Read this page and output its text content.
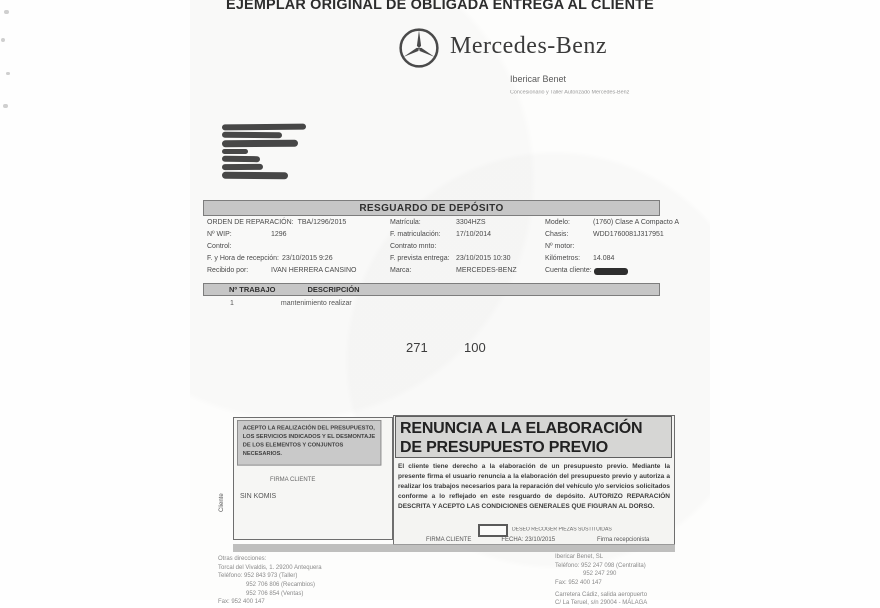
EJEMPLAR ORIGINAL DE OBLIGADA ENTREGA AL CLIENTE
Mercedes-Benz
Ibericar Benet
Concesionario y Taller Autorizado Mercedes-Benz
RESGUARDO DE DEPÓSITO
ORDEN DE REPARACIÓN: TBA/1296/2015	Matrícula:	3304HZS	Modelo:	(1760) Clase A Compacto A
Nº WIP:	1296	F. matriculación:	17/10/2014	Chasis:	WDD1760081J317951
Control:	Contrato mnto:	Nº motor:
F. y Hora de recepción: 23/10/2015 9:26	F. prevista entrega: 23/10/2015 10:30	Kilómetros:	14.084
Recibido por:	IVAN HERRERA CANSINO	Marca:	MERCEDES-BENZ	Cuenta cliente:
Nº TRABAJO	DESCRIPCIÓN
1	mantenimiento realizar
271	100
ACEPTO LA REALIZACIÓN DEL PRESUPUESTO, LOS SERVICIOS INDICADOS Y EL DESMONTAJE DE LOS ELEMENTOS Y CONJUNTOS NECESARIOS.
FIRMA CLIENTE
SIN KOMIS
Cliente
RENUNCIA A LA ELABORACIÓN DE PRESUPUESTO PREVIO
El cliente tiene derecho a la elaboración de un presupuesto previo. Mediante la presente firma el usuario renuncia a la elaboración del presupuesto previo y autoriza a realizar los trabajos necesarios para la reparación del vehículo y/o servicios solicitados conforme a lo reflejado en este resguardo de depósito. AUTORIZO REPARACIÓN DESCRITA Y ACEPTO LAS CONDICIONES GENERALES QUE FIGURAN AL DORSO.
DESEO RECOGER PIEZAS SUSTITUIDAS
FIRMA CLIENTE	FECHA: 23/10/2015	Firma recepcionista
Otras direcciones:
Torcal del Vivaldis, 1. 29200 Antequera
Teléfono: 952 843 973 (Taller)
952 706 806 (Recambios)
952 706 854 (Ventas)
Fax: 952 400 147
Ibericar Benet, SL
Teléfono: 952 247 098 (Centralita)
952 247 290
Fax: 952 400 147
Carretera Cádiz, salida aeropuerto
C/ La Teruel, s/n 29004 - MÁLAGA
